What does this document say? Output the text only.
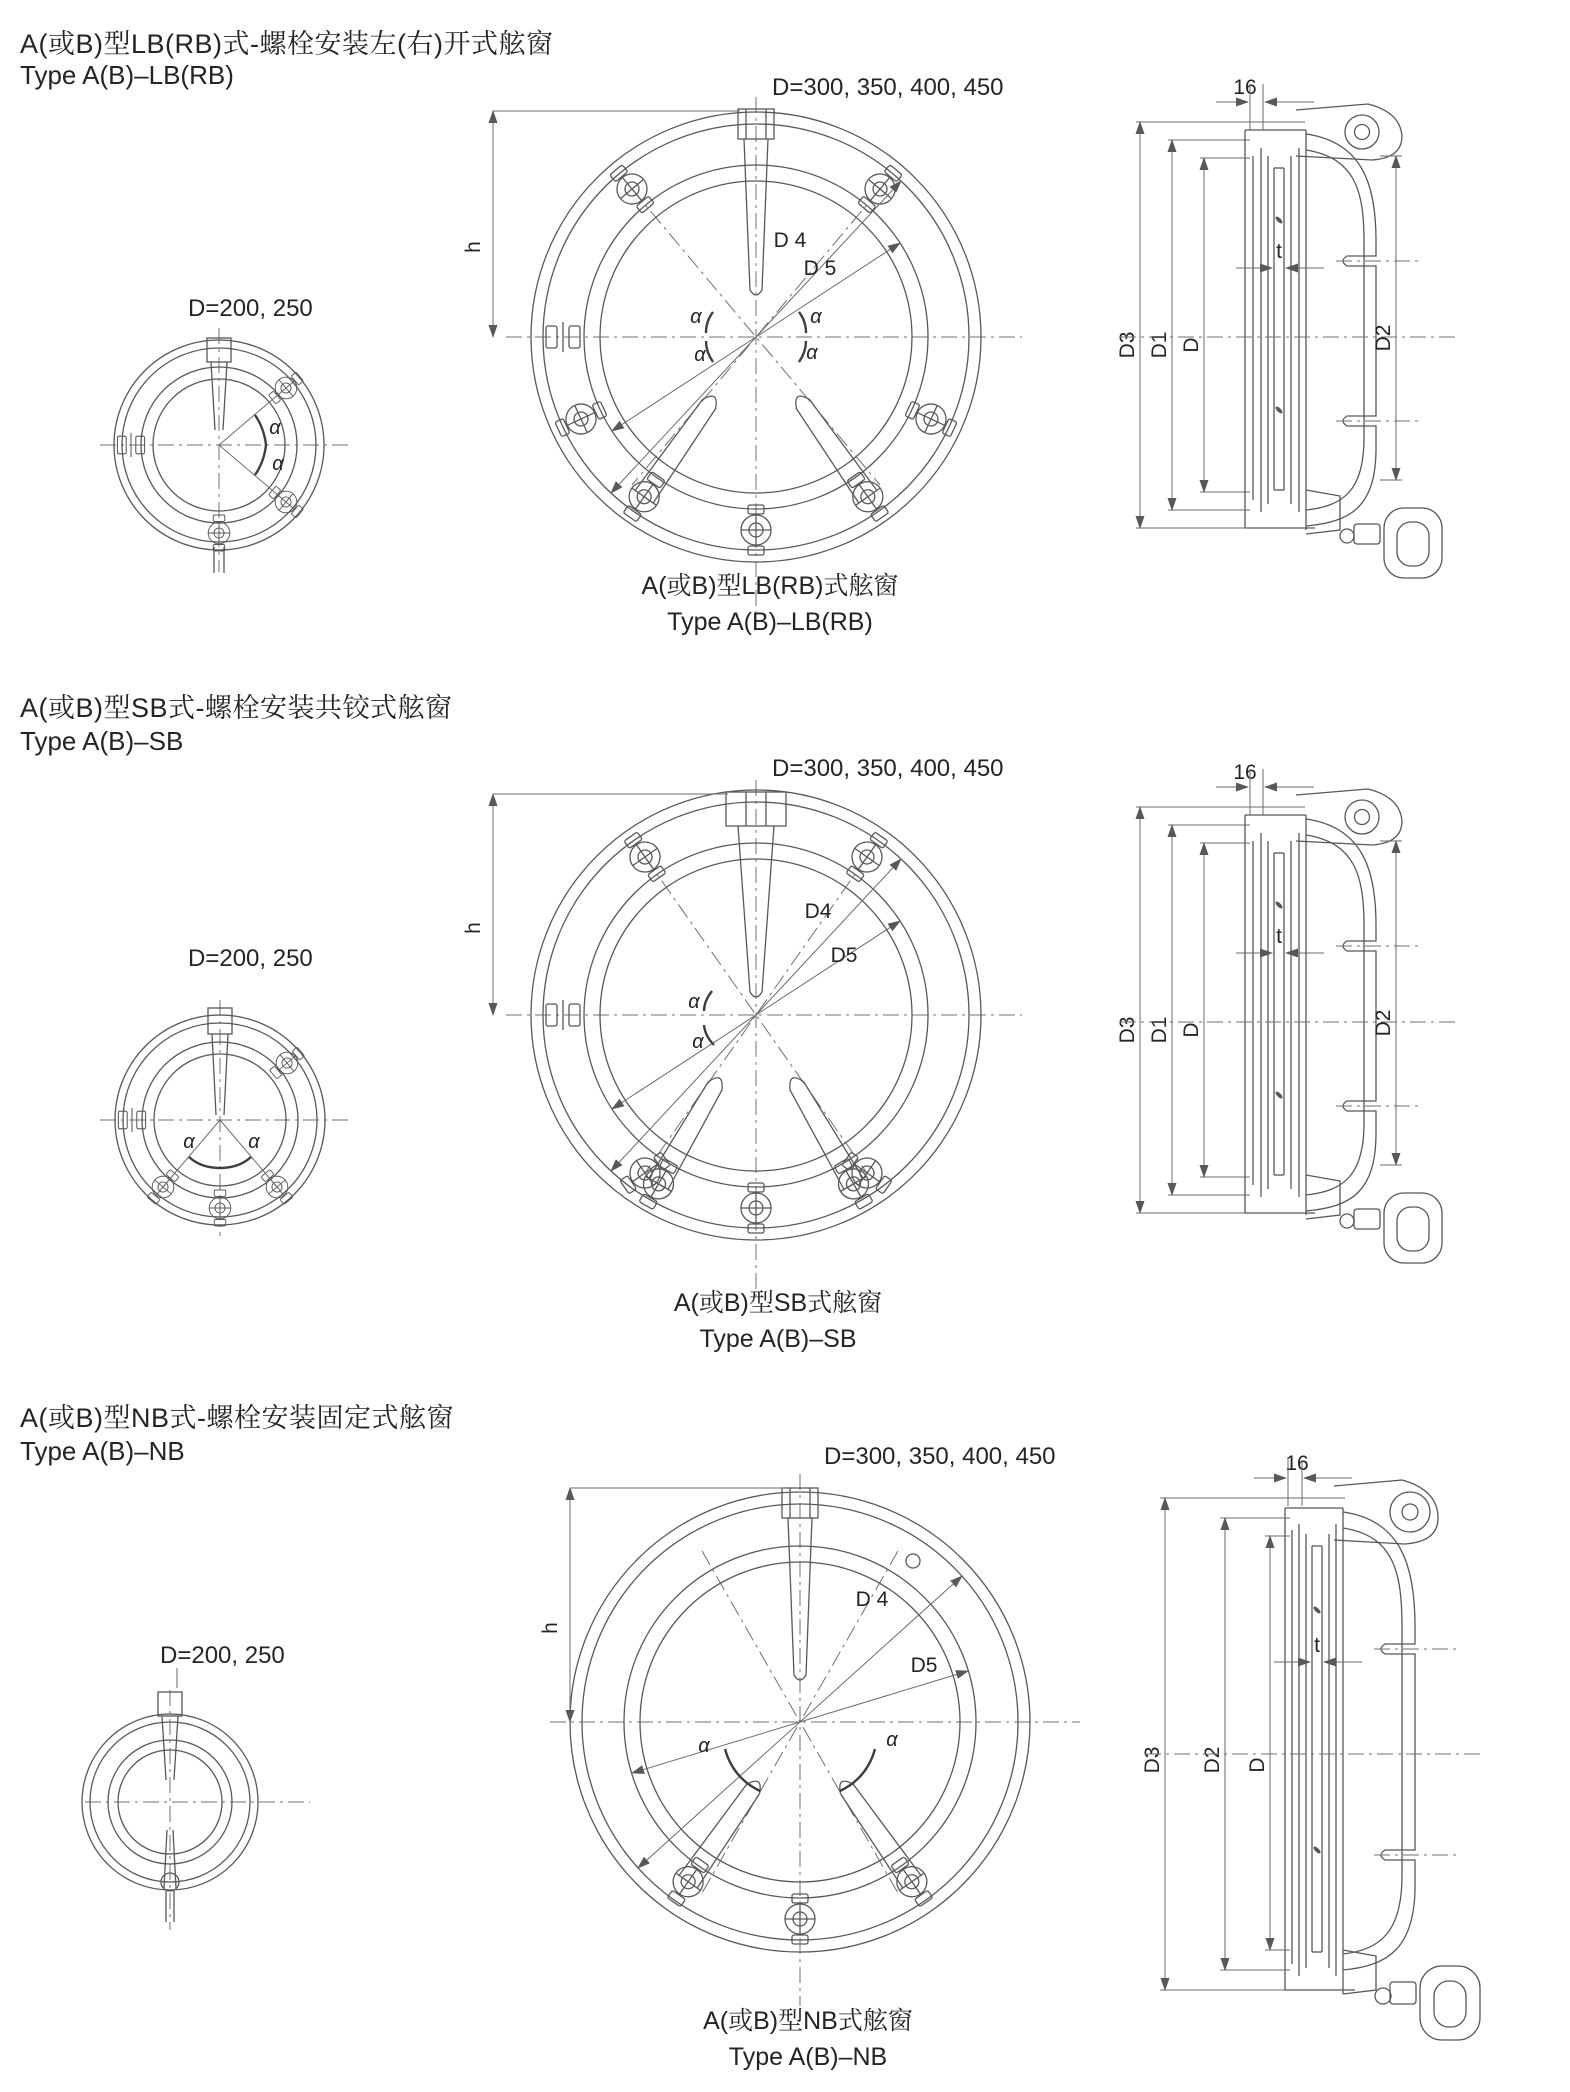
A(或B)型LB(RB)式-螺栓安装左(右)开式舷窗
Type A(B)–LB(RB)
D=200, 250
α
α
D=300, 350, 400, 450
D 4
D 5
α	α
α	α
h
16
D3 D1 D
t
D2
A(或B)型LB(RB)式舷窗
Type A(B)–LB(RB)
A(或B)型SB式-螺栓安装共铰式舷窗
Type A(B)–SB
D=200, 250
α	α
D=300, 350, 400, 450
D4
D5
α
α
h
16
D3 D1 D
t
D2
A(或B)型SB式舷窗
Type A(B)–SB
A(或B)型NB式-螺栓安装固定式舷窗
Type A(B)–NB
D=200, 250
D=300, 350, 400, 450
D 4
D5
α	α
h
16
D3 D2 D
t
A(或B)型NB式舷窗
Type A(B)–NB
